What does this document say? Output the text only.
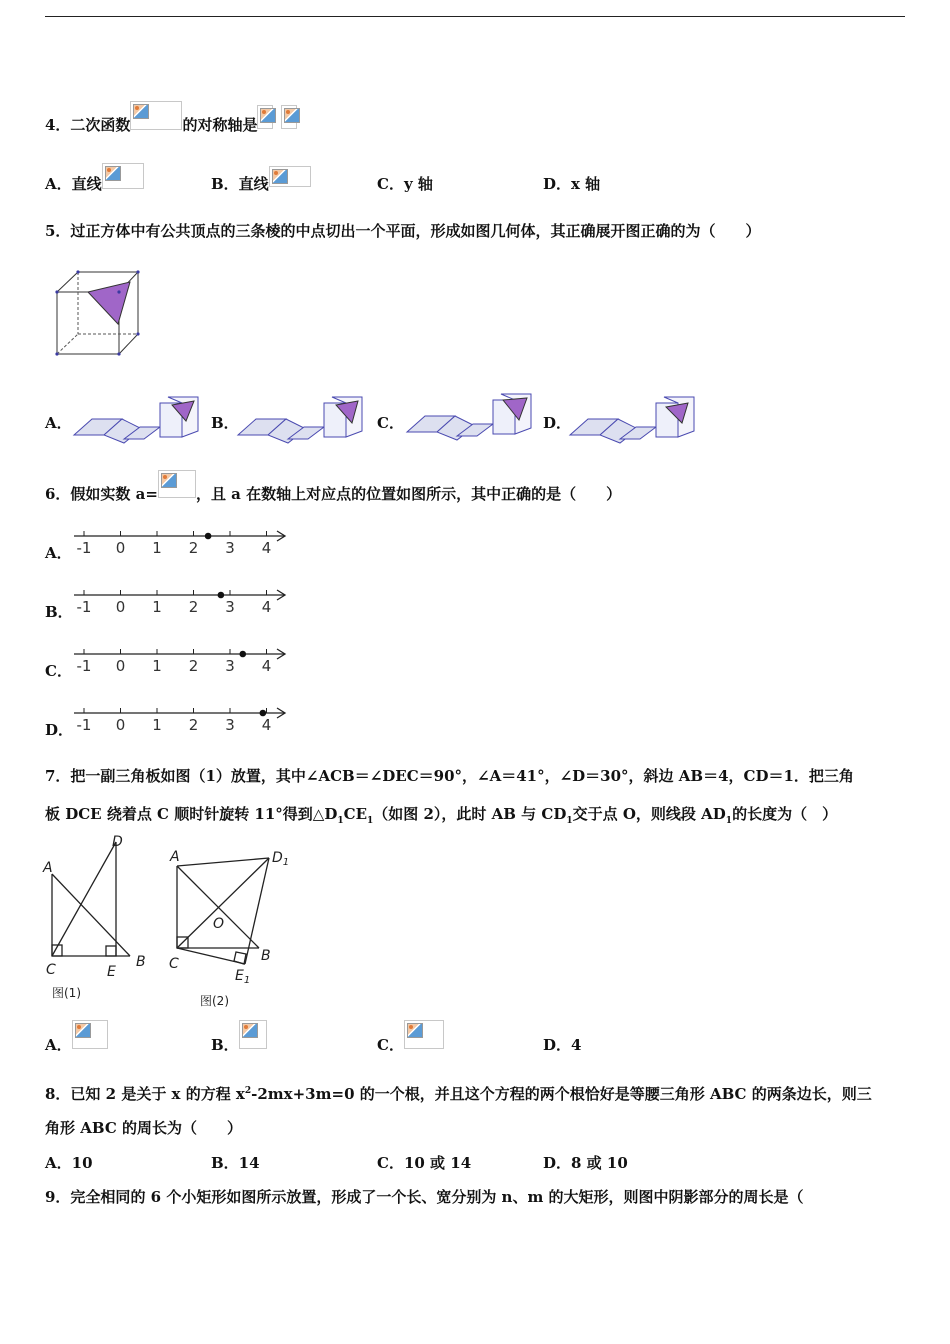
4．二次函数	的对称轴是
A．直线	B．直线	C．y 轴	D．x 轴
5．过正方体中有公共顶点的三条棱的中点切出一个平面，形成如图几何体，其正确展开图正确的为（　　）
A．	B．	C．	D．
6．假如实数 a=	，且 a 在数轴上对应点的位置如图所示，其中正确的是（　　）
A．
B．
C．
D．
-1 0 1 2 3 4
-1 0 1 2 3 4
-1 0 1 2 3 4
-1 0 1 2 3 4
7．把一副三角板如图（1）放置，其中∠ACB＝∠DEC＝90°，∠A＝41°，∠D＝30°，斜边 AB＝4，CD＝1．把三角
板 DCE 绕着点 C 顺时针旋转 11°得到$\triangle D_1CE_1$（如图 2），此时 AB 与 $CD_1$交于点 O，则线段 $AD_1$的长度为（　）
A
D
C	E
B
图(1)
A	$D_1$
O
C	B
$E_1$
图(2)
A．	B．	C．	D．4
8．已知 2 是关于 x 的方程 $x^2-2mx+3m=0$ 的一个根，并且这个方程的两个根恰好是等腰三角形 ABC 的两条边长，则三
角形 ABC 的周长为（　　）
A．10	B．14	C．10 或 14	D．8 或 10
9．完全相同的 6 个小矩形如图所示放置，形成了一个长、宽分别为 n、m 的大矩形，则图中阴影部分的周长是（
